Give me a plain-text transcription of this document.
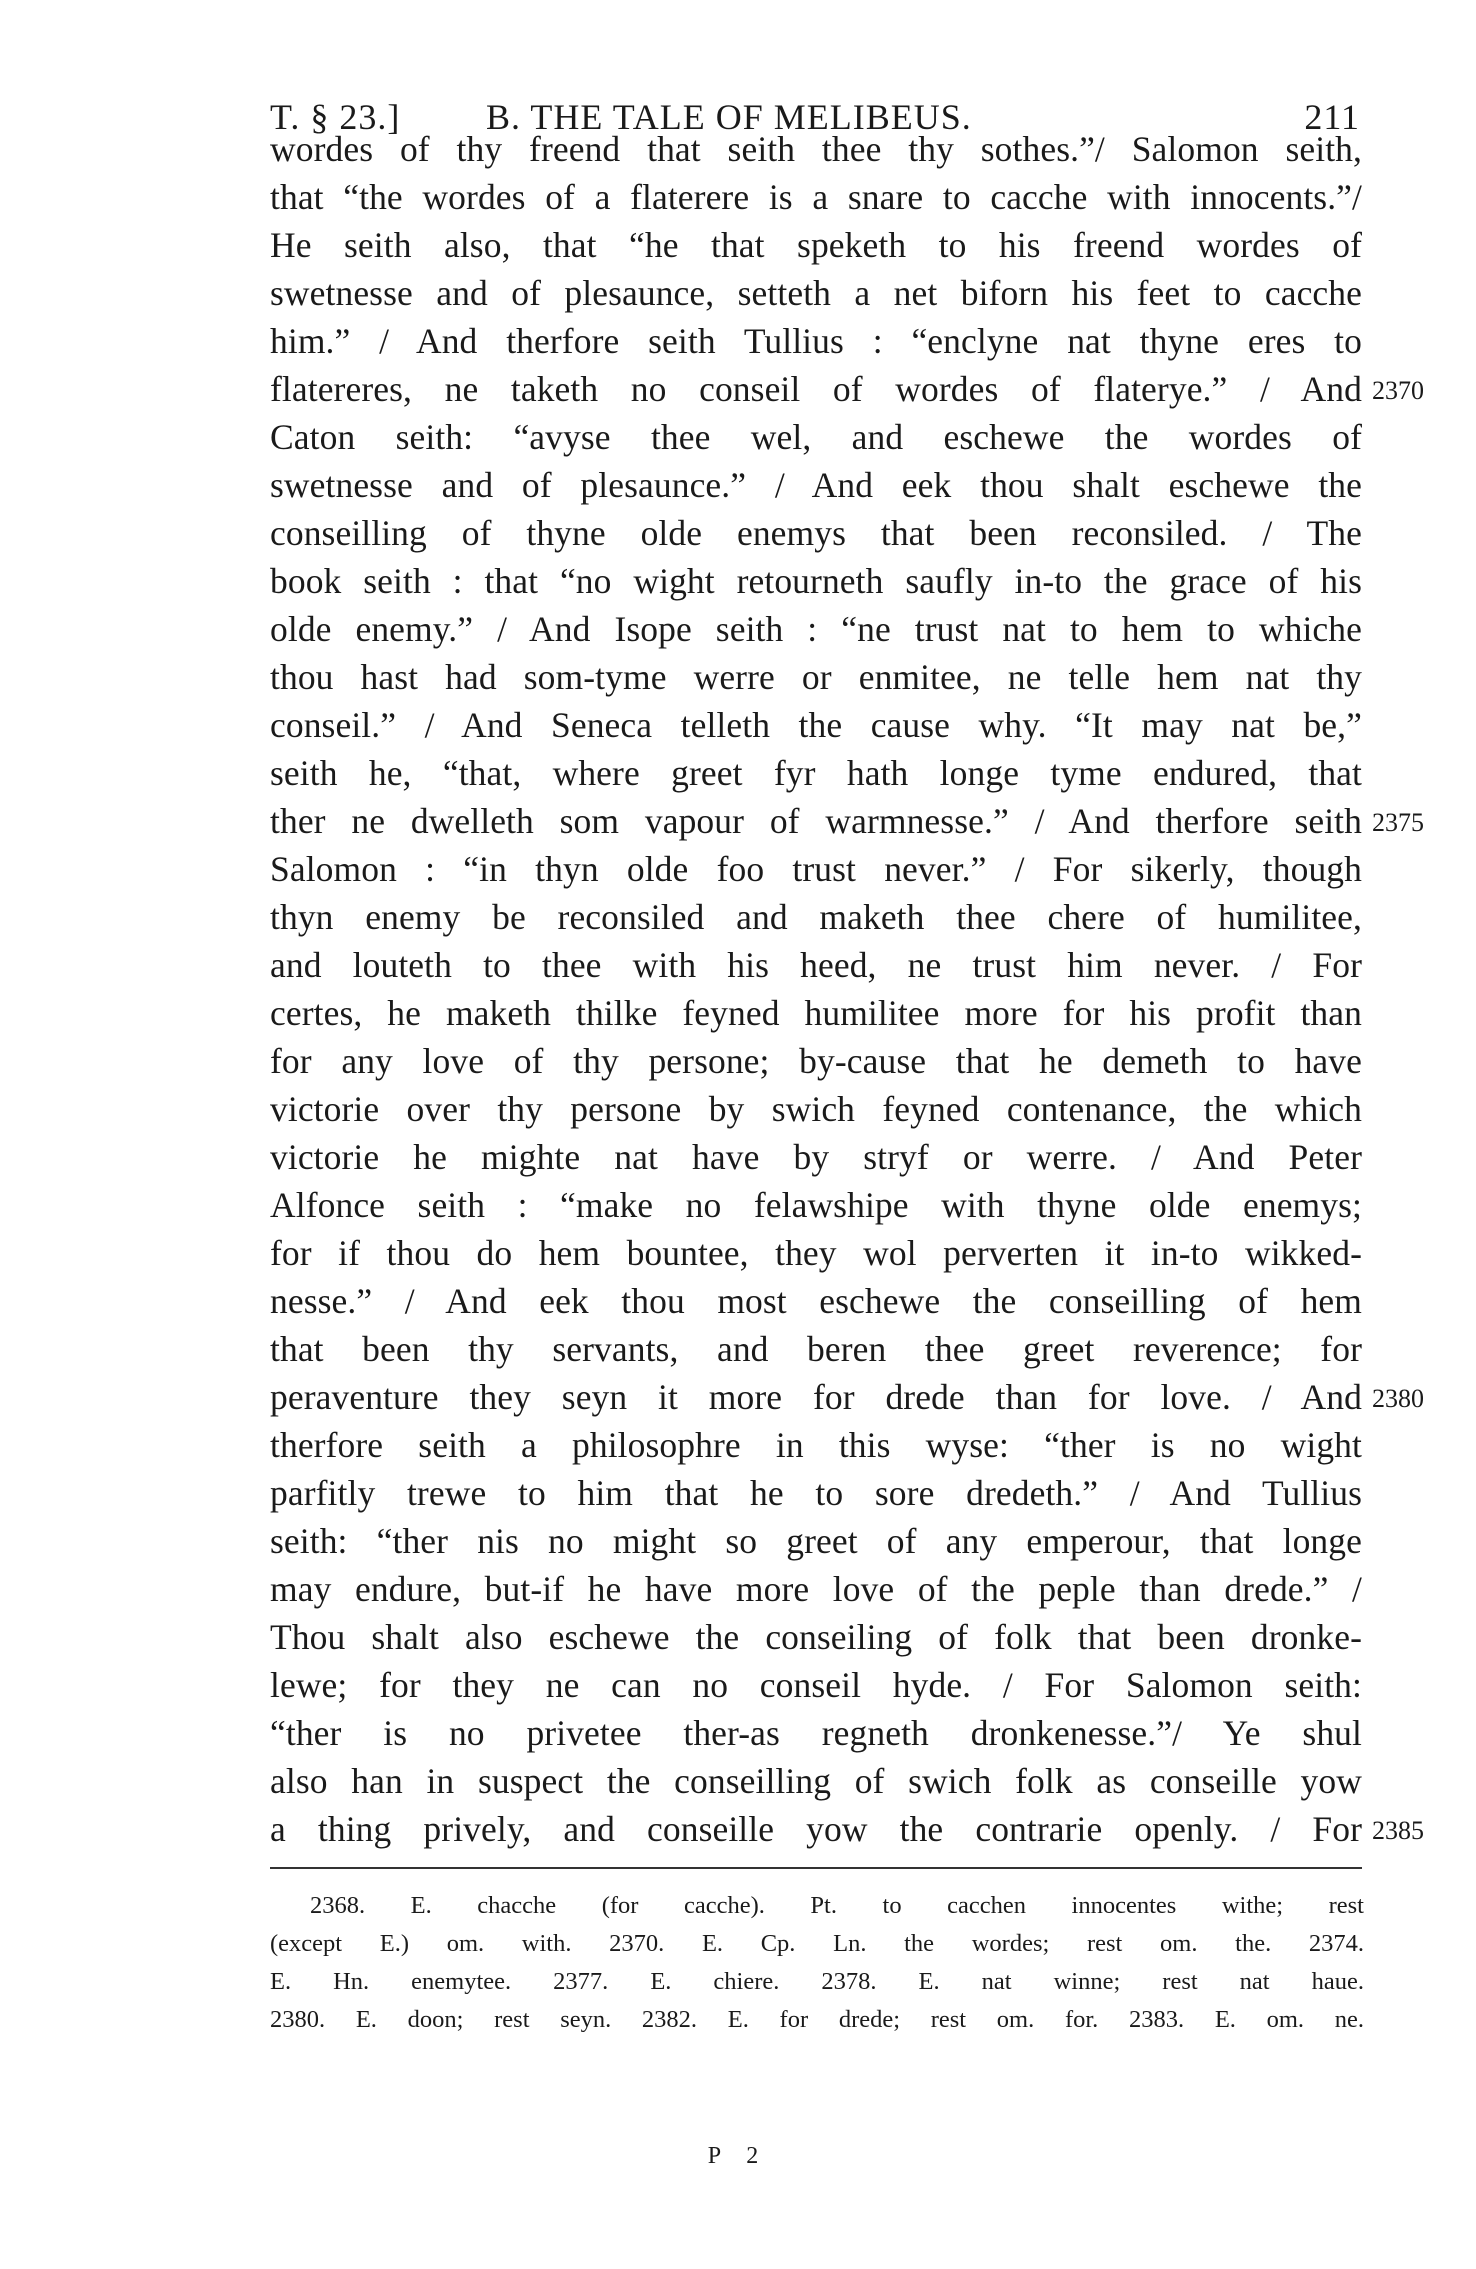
T. § 23.] B. THE TALE OF MELIBEUS.	211
wordes of thy freend that seith thee thy sothes.”/ Salomon seith,
that “the wordes of a flaterere is a snare to cacche with innocents.”/
He seith also, that “he that speketh to his freend wordes of
swetnesse and of plesaunce, setteth a net biforn his feet to cacche
him.” / And therfore seith Tullius : “enclyne nat thyne eres to
flatereres, ne taketh no conseil of wordes of flaterye.” / And
Caton seith: “avyse thee wel, and eschewe the wordes of
swetnesse and of plesaunce.” / And eek thou shalt eschewe the
conseilling of thyne olde enemys that been reconsiled. / The
book seith : that “no wight retourneth saufly in-to the grace of his
olde enemy.” / And Isope seith : “ne trust nat to hem to whiche
thou hast had som-tyme werre or enmitee, ne telle hem nat thy
conseil.” / And Seneca telleth the cause why. “It may nat be,”
seith he, “that, where greet fyr hath longe tyme endured, that
ther ne dwelleth som vapour of warmnesse.” / And therfore seith
Salomon : “in thyn olde foo trust never.” / For sikerly, though
thyn enemy be reconsiled and maketh thee chere of humilitee,
and louteth to thee with his heed, ne trust him never. / For
certes, he maketh thilke feyned humilitee more for his profit than
for any love of thy persone; by-cause that he demeth to have
victorie over thy persone by swich feyned contenance, the which
victorie he mighte nat have by stryf or werre. / And Peter
Alfonce seith : “make no felawshipe with thyne olde enemys;
for if thou do hem bountee, they wol perverten it in-to wikked-
nesse.” / And eek thou most eschewe the conseilling of hem
that been thy servants, and beren thee greet reverence; for
peraventure they seyn it more for drede than for love. / And
therfore seith a philosophre in this wyse: “ther is no wight
parfitly trewe to him that he to sore dredeth.” / And Tullius
seith: “ther nis no might so greet of any emperour, that longe
may endure, but-if he have more love of the peple than drede.” /
Thou shalt also eschewe the conseiling of folk that been dronke-
lewe; for they ne can no conseil hyde. / For Salomon seith:
“ther is no privetee ther-as regneth dronkenesse.”/ Ye shul
also han in suspect the conseilling of swich folk as conseille yow
a thing prively, and conseille yow the contrarie openly. / For
2370
2375
2380
2385
2368. E. chacche (for cacche). Pt. to cacchen innocentes withe; rest
(except E.) om. with. 2370. E. Cp. Ln. the wordes; rest om. the. 2374.
E. Hn. enemytee. 2377. E. chiere. 2378. E. nat winne; rest nat haue.
2380. E. doon; rest seyn. 2382. E. for drede; rest om. for. 2383. E. om. ne.
P 2
